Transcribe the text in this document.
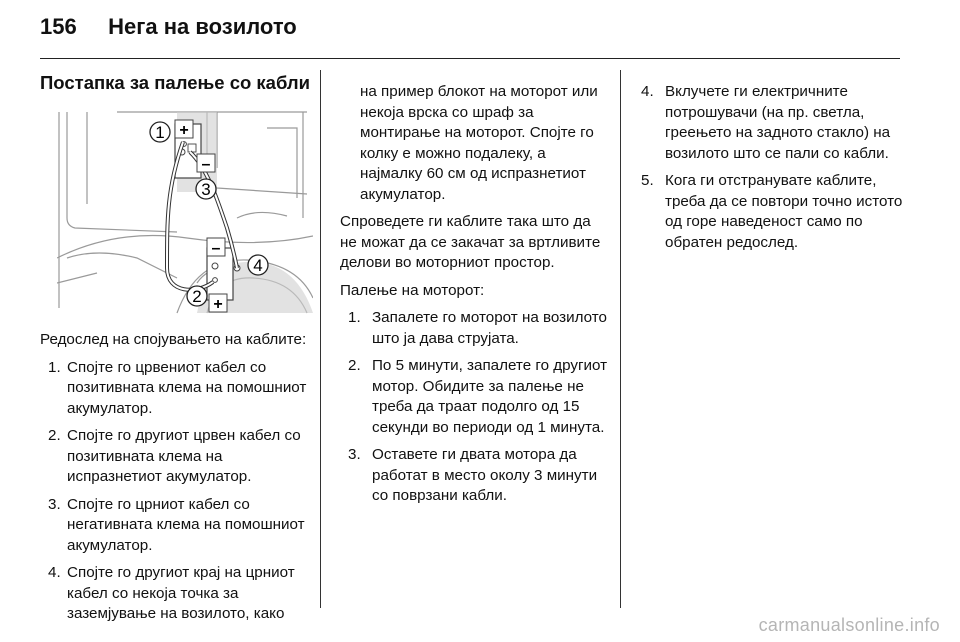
156 Нега на возилото
Постапка за палење со кабли
+
–
–
+
1
3
4
2

Редослед на спојувањето на каблите:

1. Спојте го црвениот кабел со позитивната клема на помошниот акумулатор.
2. Спојте го другиот црвен кабел со позитивната клема на испразнетиот акумулатор.
3. Спојте го црниот кабел со негативната клема на помошниот акумулатор.
4. Спојте го другиот крај на црниот кабел со некоја точка за заземјување на возилото, како

на пример блокот на моторот или некоја врска со шраф за монтирање на моторот. Спојте го колку е можно подалеку, а најмалку 60 см од испразнетиот акумулатор.

Спроведете ги каблите така што да не можат да се закачат за вртливите делови во моторниот простор.

Палење на моторот:

1. Запалете го моторот на возилото што ја дава струјата.
2. По 5 минути, запалете го другиот мотор. Обидите за палење не треба да траат подолго од 15 секунди во периоди од 1 минута.
3. Оставете ги двата мотора да работат в место околу 3 минути со поврзани кабли.
4. Вклучете ги електричните потрошувачи (на пр. светла, греењето на задното стакло) на возилото што се пали со кабли.
5. Кога ги отстранувате каблите, треба да се повтори точно истото од горе наведеност само по обратен редослед.
carmanualsonline.info
